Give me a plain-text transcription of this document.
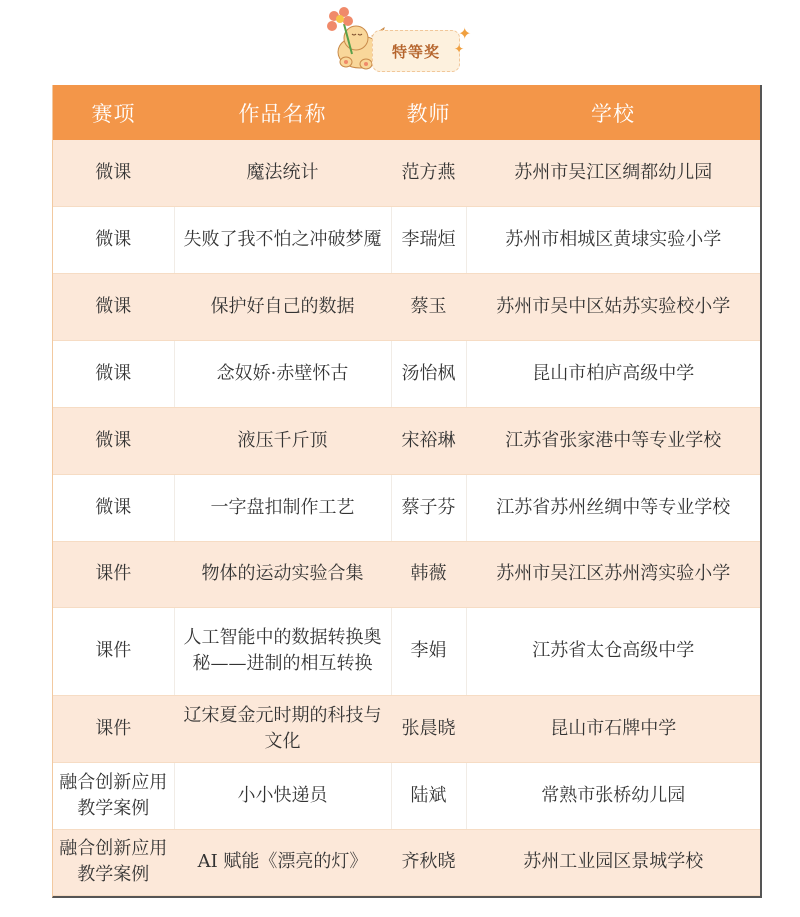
特等奖
✦
✦
赛项	作品名称	教师	学校
微课	魔法统计	范方燕	苏州市吴江区绸都幼儿园
微课	失败了我不怕之冲破梦魇	李瑞烜	苏州市相城区黄埭实验小学
微课	保护好自己的数据	蔡玉	苏州市吴中区姑苏实验校小学
微课	念奴娇·赤壁怀古	汤怡枫	昆山市柏庐高级中学
微课	液压千斤顶	宋裕琳	江苏省张家港中等专业学校
微课	一字盘扣制作工艺	蔡子芬	江苏省苏州丝绸中等专业学校
课件	物体的运动实验合集	韩薇	苏州市吴江区苏州湾实验小学
课件	人工智能中的数据转换奥秘——进制的相互转换	李娟	江苏省太仓高级中学
课件	辽宋夏金元时期的科技与文化	张晨晓	昆山市石牌中学
融合创新应用教学案例	小小快递员	陆斌	常熟市张桥幼儿园
融合创新应用教学案例	AI 赋能《漂亮的灯》	齐秋晓	苏州工业园区景城学校
